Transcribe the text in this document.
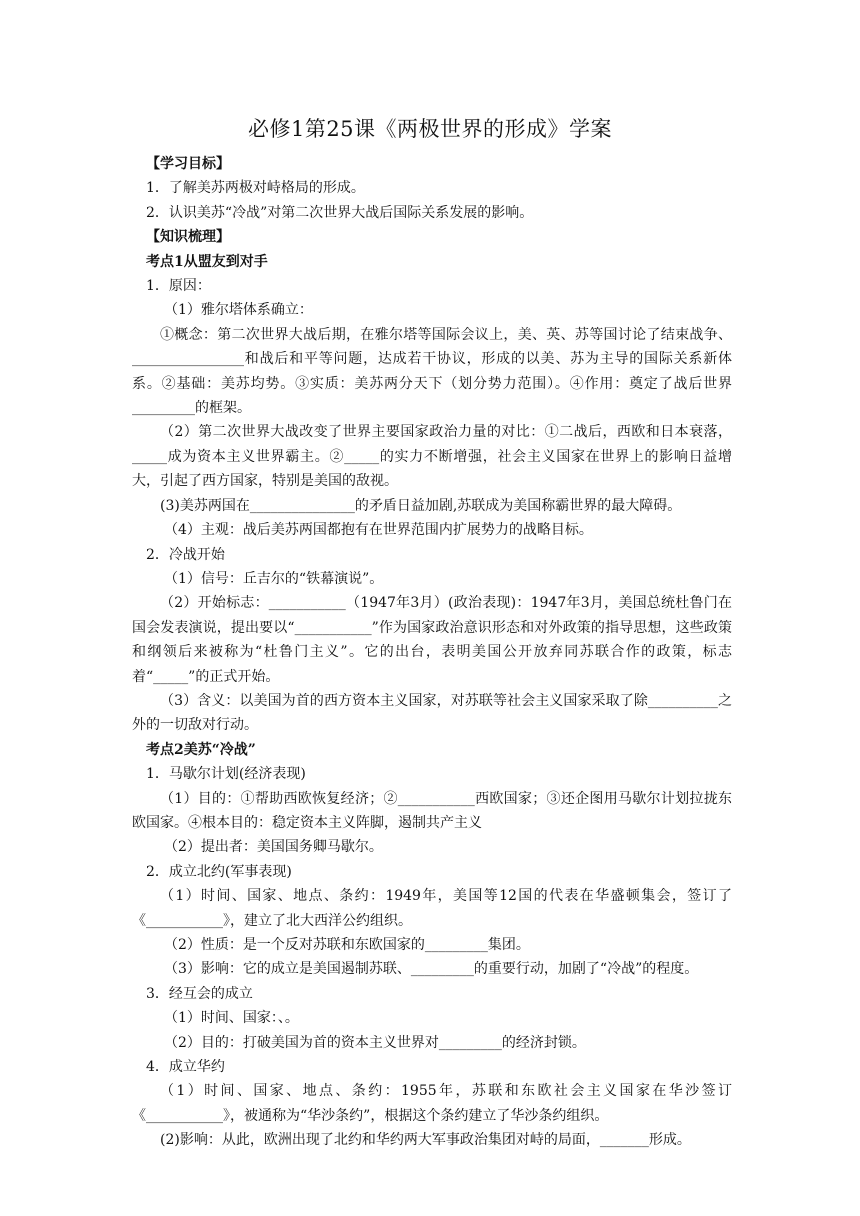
必修1第25课《两极世界的形成》学案

【学习目标】

1．了解美苏两极对峙格局的形成。

2．认识美苏“冷战”对第二次世界大战后国际关系发展的影响。

【知识梳理】

考点1从盟友到对手

1．原因：

（1）雅尔塔体系确立：

①概念：第二次世界大战后期，在雅尔塔等国际会议上，美、英、苏等国讨论了结束战争、________________和战后和平等问题，达成若干协议，形成的以美、苏为主导的国际关系新体系。②基础：美苏均势。③实质：美苏两分天下（划分势力范围）。④作用：奠定了战后世界_________的框架。

（2）第二次世界大战改变了世界主要国家政治力量的对比：①二战后，西欧和日本衰落，_____成为资本主义世界霸主。②_____的实力不断增强，社会主义国家在世界上的影响日益增大，引起了西方国家，特别是美国的敌视。

(3)美苏两国在_______________的矛盾日益加剧,苏联成为美国称霸世界的最大障碍。

（4）主观：战后美苏两国都抱有在世界范围内扩展势力的战略目标。

2．冷战开始

（1）信号：丘吉尔的“铁幕演说”。

（2）开始标志：___________（1947年3月）(政治表现)：1947年3月，美国总统杜鲁门在国会发表演说，提出要以“___________”作为国家政治意识形态和对外政策的指导思想，这些政策和纲领后来被称为“杜鲁门主义”。它的出台，表明美国公开放弃同苏联合作的政策，标志着“_____”的正式开始。

（3）含义：以美国为首的西方资本主义国家，对苏联等社会主义国家采取了除__________之外的一切敌对行动。

考点2美苏“冷战”

1．马歇尔计划(经济表现)

（1）目的：①帮助西欧恢复经济；②___________西欧国家；③还企图用马歇尔计划拉拢东欧国家。④根本目的：稳定资本主义阵脚，遏制共产主义

（2）提出者：美国国务卿马歇尔。

2．成立北约(军事表现)

（1）时间、国家、地点、条约：1949年，美国等12国的代表在华盛顿集会，签订了《___________》，建立了北大西洋公约组织。

（2）性质：是一个反对苏联和东欧国家的_________集团。

（3）影响：它的成立是美国遏制苏联、_________的重要行动，加剧了“冷战”的程度。

3．经互会的成立

（1）时间、国家：、。

（2）目的：打破美国为首的资本主义世界对_________的经济封锁。

4．成立华约

（1）时间、国家、地点、条约：1955年，苏联和东欧社会主义国家在华沙签订《___________》，被通称为“华沙条约”，根据这个条约建立了华沙条约组织。

(2)影响：从此，欧洲出现了北约和华约两大军事政治集团对峙的局面，_______形成。
